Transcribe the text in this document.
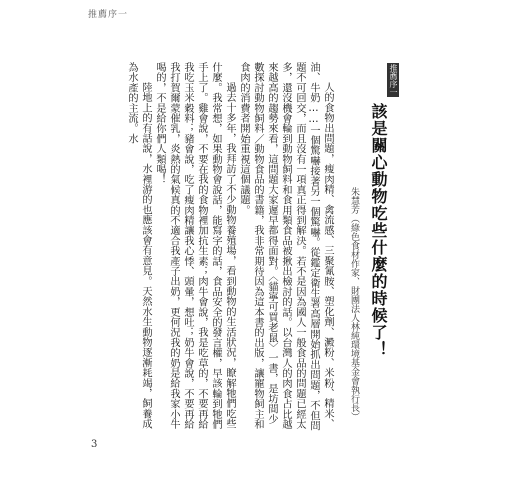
推薦序一
推薦序一
該是關心動物吃些什麼的時候了！
朱慧芳（綠色食材作家、財團法人林純環境基金會執行長）

人的食物出問題，瘦肉精、禽流感、三聚氰胺、塑化劑、澱粉、米粉、精米、油、牛奶……一個驚嚇接著另一個驚嚇。從鑑定衛生署高層開始抓出問題，不但問題不可回交，而且沒有一項真正得到解決。若不是因為國人一般食品的問題已經太多，還沒機會輪到動物飼料和食用類食品被揪出檢討的話。以台灣人的肉食占比越來越高的趨勢來看，這問題大家遲早都得面對。〈貓寧可買老鼠〉一書，是坊間少數探討動物飼料／動物食品的書籍，我非常期待因為這本書的出版，讓寵物飼主和食肉的消費者開始重視這個議題。

過去十多年，我拜訪了不少動物養殖場，看到動物的生活狀況，瞭解牠們吃些什麼。我常想，如果動物會說話，能寫字的話，食品安全的發言權，早該輪到牠們手上了。雞會說，不要在我的食物裡加抗生素；肉牛會說，我是吃草的，不要再給我吃玉米穀料；豬會說，吃了瘦肉精讓我心悸、頭暈，想吐；奶牛會說，不要再給我打賀爾蒙催乳，炎熱的氣候真的不適合我產子出奶，更何況我的奶是給我家小牛喝的，不是給你們人類喝！

陸地上的有話說，水裡游的也應該會有意見。天然水生動物逐漸耗竭，飼養成為水產的主流。水

3
